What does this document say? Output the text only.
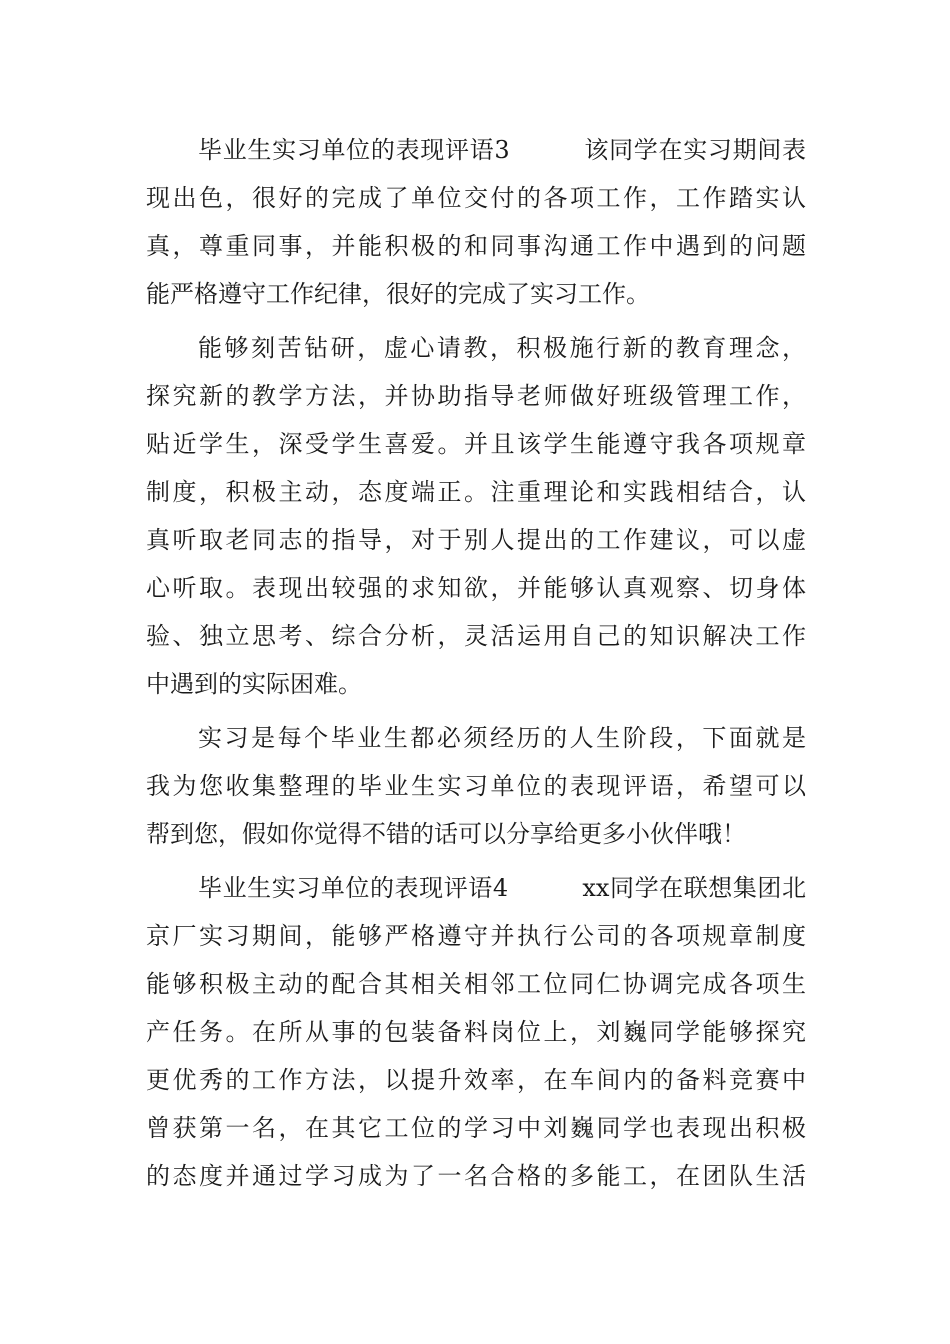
毕业生实习单位的表现评语3　　　该同学在实习期间表
现出色，很好的完成了单位交付的各项工作，工作踏实认
真，尊重同事，并能积极的和同事沟通工作中遇到的问题
能严格遵守工作纪律，很好的完成了实习工作。
能够刻苦钻研，虚心请教，积极施行新的教育理念，
探究新的教学方法，并协助指导老师做好班级管理工作，
贴近学生，深受学生喜爱。并且该学生能遵守我各项规章
制度，积极主动，态度端正。注重理论和实践相结合，认
真听取老同志的指导，对于别人提出的工作建议，可以虚
心听取。表现出较强的求知欲，并能够认真观察、切身体
验、独立思考、综合分析，灵活运用自己的知识解决工作
中遇到的实际困难。
实习是每个毕业生都必须经历的人生阶段，下面就是
我为您收集整理的毕业生实习单位的表现评语，希望可以
帮到您，假如你觉得不错的话可以分享给更多小伙伴哦！
毕业生实习单位的表现评语4　　　xx同学在联想集团北
京厂实习期间，能够严格遵守并执行公司的各项规章制度
能够积极主动的配合其相关相邻工位同仁协调完成各项生
产任务。在所从事的包装备料岗位上，刘巍同学能够探究
更优秀的工作方法，以提升效率，在车间内的备料竞赛中
曾获第一名，在其它工位的学习中刘巍同学也表现出积极
的态度并通过学习成为了一名合格的多能工，在团队生活
